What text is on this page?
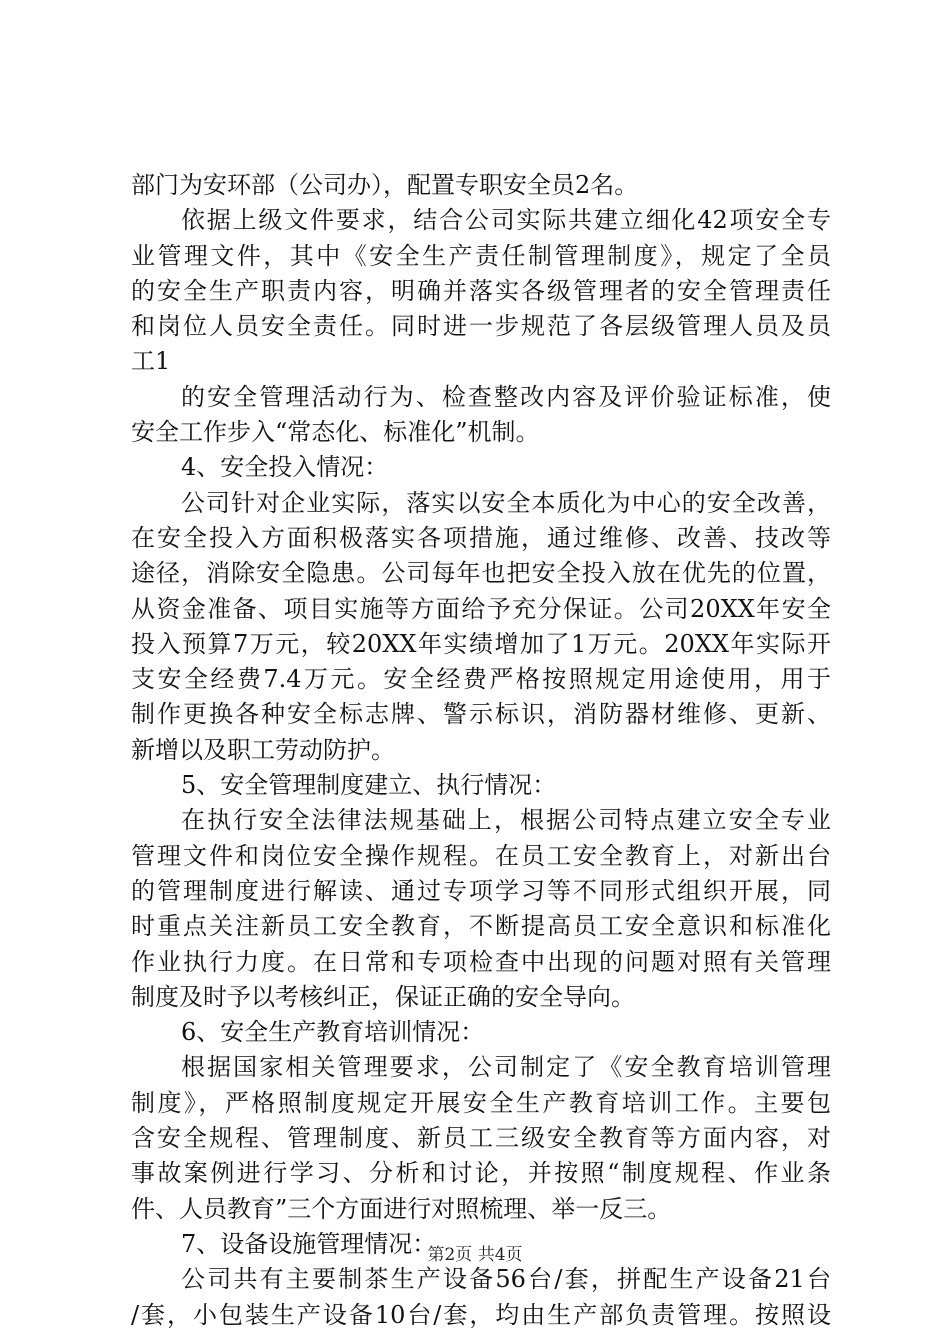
部门为安环部（公司办），配置专职安全员2名。
依据上级文件要求，结合公司实际共建立细化42项安全专
业管理文件，其中《安全生产责任制管理制度》，规定了全员
的安全生产职责内容，明确并落实各级管理者的安全管理责任
和岗位人员安全责任。同时进一步规范了各层级管理人员及员
工1
的安全管理活动行为、检查整改内容及评价验证标准，使
安全工作步入“常态化、标准化”机制。
4、安全投入情况：
公司针对企业实际，落实以安全本质化为中心的安全改善，
在安全投入方面积极落实各项措施，通过维修、改善、技改等
途径，消除安全隐患。公司每年也把安全投入放在优先的位置，
从资金准备、项目实施等方面给予充分保证。公司20XX年安全
投入预算7万元，较20XX年实绩增加了1万元。20XX年实际开
支安全经费7.4万元。安全经费严格按照规定用途使用，用于
制作更换各种安全标志牌、警示标识，消防器材维修、更新、
新增以及职工劳动防护。
5、安全管理制度建立、执行情况：
在执行安全法律法规基础上，根据公司特点建立安全专业
管理文件和岗位安全操作规程。在员工安全教育上，对新出台
的管理制度进行解读、通过专项学习等不同形式组织开展，同
时重点关注新员工安全教育，不断提高员工安全意识和标准化
作业执行力度。在日常和专项检查中出现的问题对照有关管理
制度及时予以考核纠正，保证正确的安全导向。
6、安全生产教育培训情况：
根据国家相关管理要求，公司制定了《安全教育培训管理
制度》，严格照制度规定开展安全生产教育培训工作。主要包
含安全规程、管理制度、新员工三级安全教育等方面内容，对
事故案例进行学习、分析和讨论，并按照“制度规程、作业条
件、人员教育”三个方面进行对照梳理、举一反三。
7、设备设施管理情况：
公司共有主要制茶生产设备56台/套，拼配生产设备21台
/套，小包装生产设备10台/套，均由生产部负责管理。按照设
第2页 共4页
